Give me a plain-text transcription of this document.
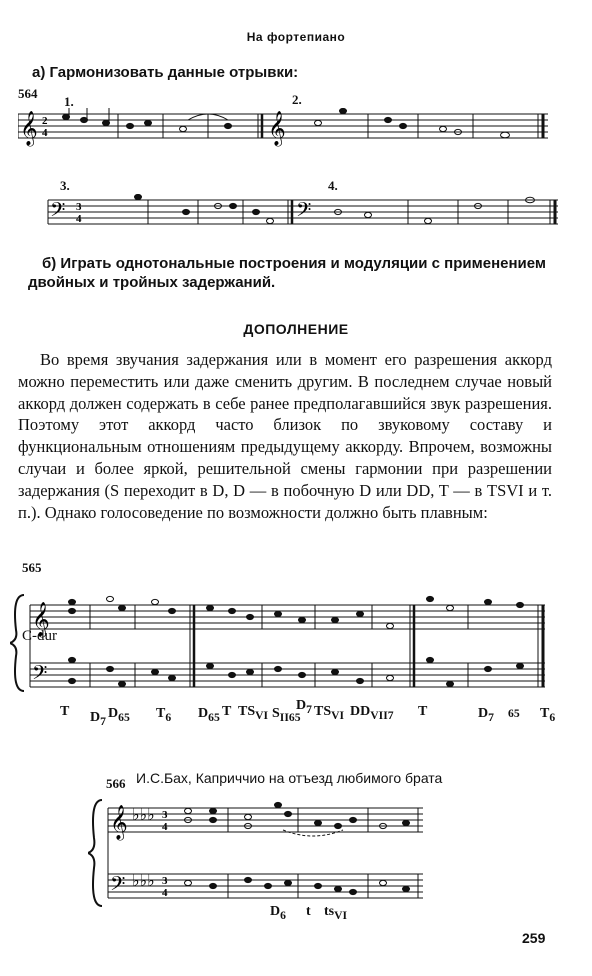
На фортепиано
а) Гармонизовать данные отрывки:
564
1.	2.
3.	4.
𝄞	𝄞
2
4
𝄢	𝄢
3
4
б) Играть однотональные построения и модуляции с применением двойных и тройных задержаний.
ДОПОЛНЕНИЕ
Во время звучания задержания или в момент его разрешения аккорд можно переместить или даже сменить другим. В последнем случае новый аккорд должен содержать в себе ранее предполагавшийся звук разрешения. Поэтому этот аккорд часто близок по звуковому составу и функциональным отношениям предыдущему аккорду. Впрочем, возможны случаи и более яркой, решительной смены гармонии при разрешении задержания (S переходит в D, D — в побочную D или DD, T — в TSVI и т. п.). Однако голосоведение по возможности должно быть плавным:
565
C-dur
𝄞
𝄢
T $D_7$
$D_{65}$ $T_6$ $D_{65}$ T $TS_{VI}$ $S_{II65}$
$D_7$ $TS_{VI}$ $DD_{VII7}$ T	$D_7$ $_{65}$ $T_6$
566 И.С.Бах, Каприччио на отъезд любимого брата
𝄞
𝄢
♭♭♭
♭♭♭
3
4
3
4
$D_6$ t $ts_{VI}$
259
